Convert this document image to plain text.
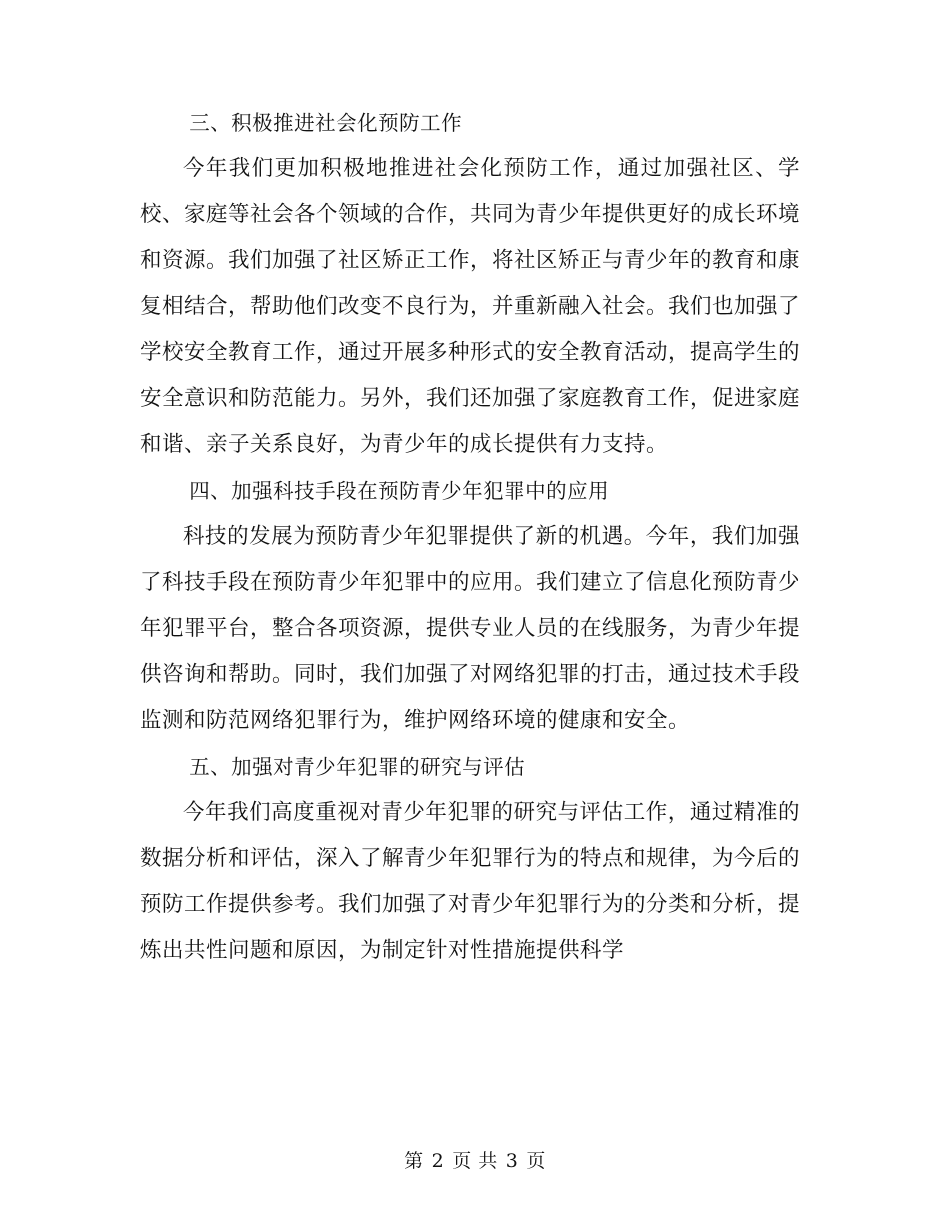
三、积极推进社会化预防工作

今年我们更加积极地推进社会化预防工作，通过加强社区、学校、家庭等社会各个领域的合作，共同为青少年提供更好的成长环境和资源。我们加强了社区矫正工作，将社区矫正与青少年的教育和康复相结合，帮助他们改变不良行为，并重新融入社会。我们也加强了学校安全教育工作，通过开展多种形式的安全教育活动，提高学生的安全意识和防范能力。另外，我们还加强了家庭教育工作，促进家庭和谐、亲子关系良好，为青少年的成长提供有力支持。

四、加强科技手段在预防青少年犯罪中的应用

科技的发展为预防青少年犯罪提供了新的机遇。今年，我们加强了科技手段在预防青少年犯罪中的应用。我们建立了信息化预防青少年犯罪平台，整合各项资源，提供专业人员的在线服务，为青少年提供咨询和帮助。同时，我们加强了对网络犯罪的打击，通过技术手段监测和防范网络犯罪行为，维护网络环境的健康和安全。

五、加强对青少年犯罪的研究与评估

今年我们高度重视对青少年犯罪的研究与评估工作，通过精准的数据分析和评估，深入了解青少年犯罪行为的特点和规律，为今后的预防工作提供参考。我们加强了对青少年犯罪行为的分类和分析，提炼出共性问题和原因，为制定针对性措施提供科学

第 2 页 共 3 页
